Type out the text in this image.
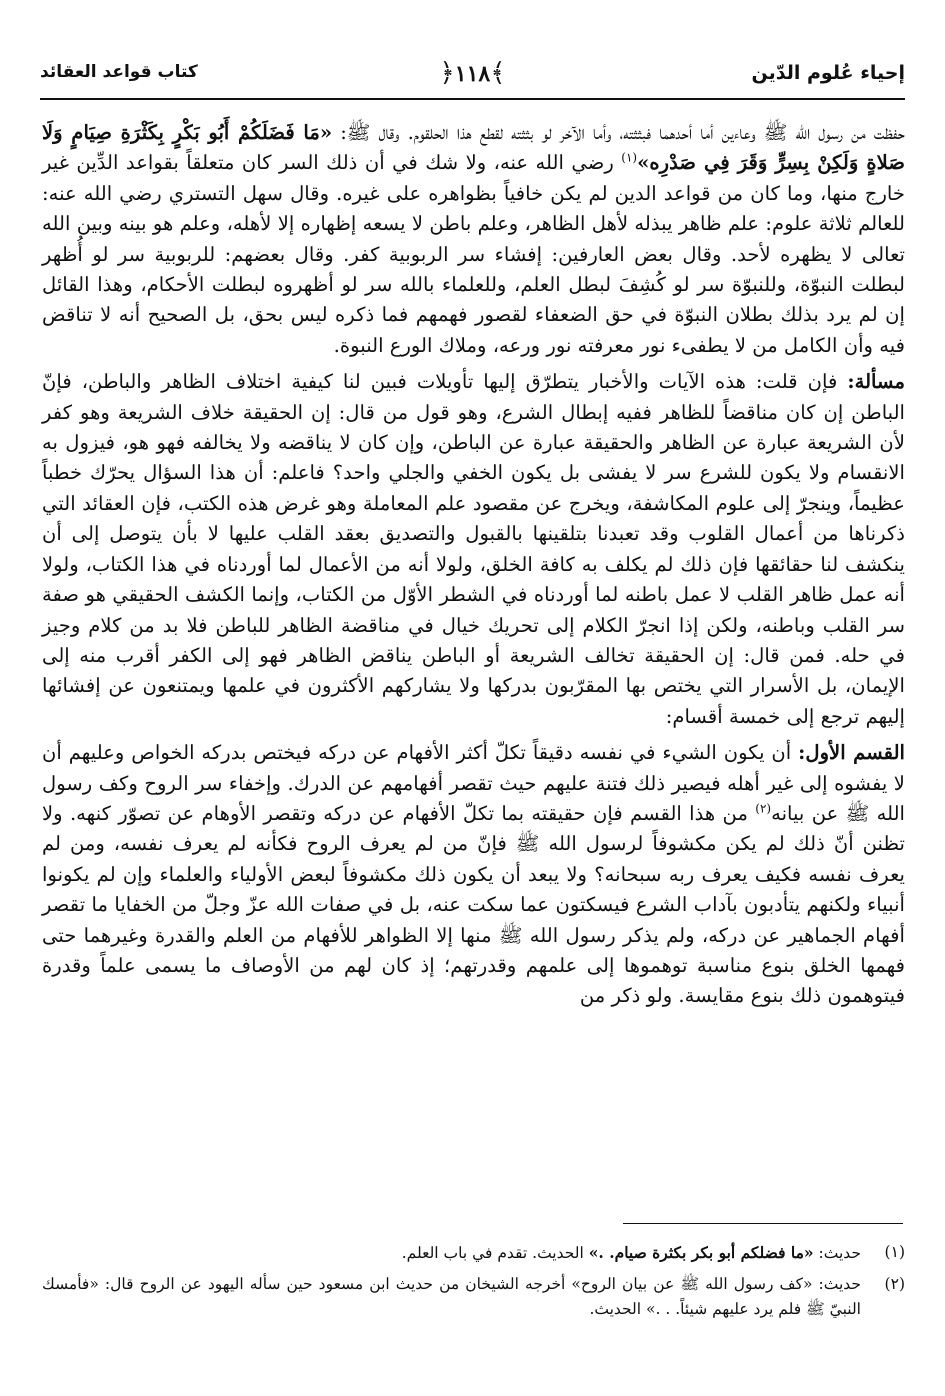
إحياء عُلوم الدّين
﴾١١٨﴿
كتاب قواعد العقائد

حفظت من رسول الله ﷺ وعاءين أما أحدهما فبثثته، وأما الآخر لو بثثته لقطع هذا الحلقوم. وقال ﷺ: «مَا فَضَلَكُمْ أَبُو بَكْرٍ بِكَثْرَةِ صِيَامٍ وَلَا صَلاةٍ وَلَكِنْ بِسِرٍّ وَقَرَ فِي صَدْرِه»$^{(١)}$ رضي الله عنه، ولا شك في أن ذلك السر كان متعلقاً بقواعد الدِّين غير خارج منها، وما كان من قواعد الدين لم يكن خافياً بظواهره على غيره. وقال سهل التستري رضي الله عنه: للعالم ثلاثة علوم: علم ظاهر يبذله لأهل الظاهر، وعلم باطن لا يسعه إظهاره إلا لأهله، وعلم هو بينه وبين الله تعالى لا يظهره لأحد. وقال بعض العارفين: إفشاء سر الربوبية كفر. وقال بعضهم: للربوبية سر لو أُظهر لبطلت النبوّة، وللنبوّة سر لو كُشِفَ لبطل العلم، وللعلماء بالله سر لو أظهروه لبطلت الأحكام، وهذا القائل إن لم يرد بذلك بطلان النبوّة في حق الضعفاء لقصور فهمهم فما ذكره ليس بحق، بل الصحيح أنه لا تناقض فيه وأن الكامل من لا يطفىء نور معرفته نور ورعه، وملاك الورع النبوة.

مسألة: فإن قلت: هذه الآيات والأخبار يتطرّق إليها تأويلات فبين لنا كيفية اختلاف الظاهر والباطن، فإنّ الباطن إن كان مناقضاً للظاهر ففيه إبطال الشرع، وهو قول من قال: إن الحقيقة خلاف الشريعة وهو كفر لأن الشريعة عبارة عن الظاهر والحقيقة عبارة عن الباطن، وإن كان لا يناقضه ولا يخالفه فهو هو، فيزول به الانقسام ولا يكون للشرع سر لا يفشى بل يكون الخفي والجلي واحد؟ فاعلم: أن هذا السؤال يحرّك خطباً عظيماً، وينجرّ إلى علوم المكاشفة، ويخرج عن مقصود علم المعاملة وهو غرض هذه الكتب، فإن العقائد التي ذكرناها من أعمال القلوب وقد تعبدنا بتلقينها بالقبول والتصديق بعقد القلب عليها لا بأن يتوصل إلى أن ينكشف لنا حقائقها فإن ذلك لم يكلف به كافة الخلق، ولولا أنه من الأعمال لما أوردناه في هذا الكتاب، ولولا أنه عمل ظاهر القلب لا عمل باطنه لما أوردناه في الشطر الأوّل من الكتاب، وإنما الكشف الحقيقي هو صفة سر القلب وباطنه، ولكن إذا انجرّ الكلام إلى تحريك خيال في مناقضة الظاهر للباطن فلا بد من كلام وجيز في حله. فمن قال: إن الحقيقة تخالف الشريعة أو الباطن يناقض الظاهر فهو إلى الكفر أقرب منه إلى الإيمان، بل الأسرار التي يختص بها المقرّبون بدركها ولا يشاركهم الأكثرون في علمها ويمتنعون عن إفشائها إليهم ترجع إلى خمسة أقسام:

القسم الأول: أن يكون الشيء في نفسه دقيقاً تكلّ أكثر الأفهام عن دركه فيختص بدركه الخواص وعليهم أن لا يفشوه إلى غير أهله فيصير ذلك فتنة عليهم حيث تقصر أفهامهم عن الدرك. وإخفاء سر الروح وكف رسول الله ﷺ عن بيانه$^{(٢)}$ من هذا القسم فإن حقيقته بما تكلّ الأفهام عن دركه وتقصر الأوهام عن تصوّر كنهه. ولا تظنن أنّ ذلك لم يكن مكشوفاً لرسول الله ﷺ فإنّ من لم يعرف الروح فكأنه لم يعرف نفسه، ومن لم يعرف نفسه فكيف يعرف ربه سبحانه؟ ولا يبعد أن يكون ذلك مكشوفاً لبعض الأولياء والعلماء وإن لم يكونوا أنبياء ولكنهم يتأدبون بآداب الشرع فيسكتون عما سكت عنه، بل في صفات الله عزّ وجلّ من الخفايا ما تقصر أفهام الجماهير عن دركه، ولم يذكر رسول الله ﷺ منها إلا الظواهر للأفهام من العلم والقدرة وغيرهما حتى فهمها الخلق بنوع مناسبة توهموها إلى علمهم وقدرتهم؛ إذ كان لهم من الأوصاف ما يسمى علماً وقدرة فيتوهمون ذلك بنوع مقايسة. ولو ذكر من

(١)
حديث: «ما فضلكم أبو بكر بكثرة صيام. .» الحديث. تقدم في باب العلم.
(٢)
حديث: «كف رسول الله ﷺ عن بيان الروح» أخرجه الشيخان من حديث ابن مسعود حين سأله اليهود عن الروح قال: «فأمسك النبيّ ﷺ فلم يرد عليهم شيئاً. . .» الحديث.
